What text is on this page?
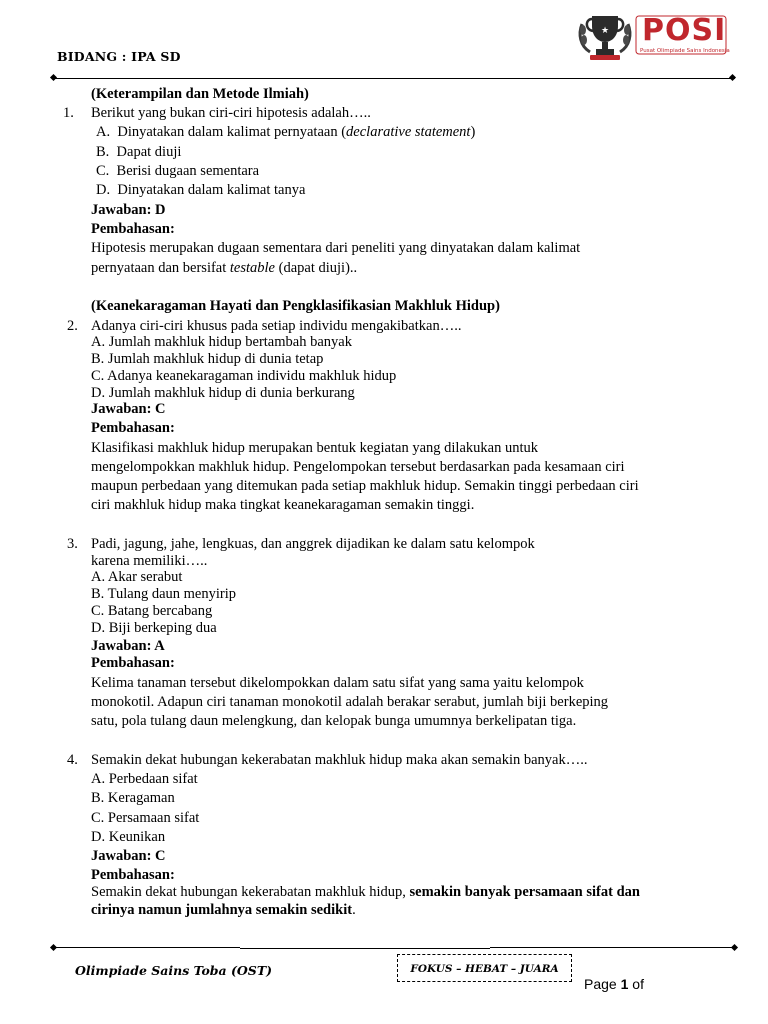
BIDANG : IPA SD
★ POSI
Pusat Olimpiade Sains Indonesia
(Keterampilan dan Metode Ilmiah)
1. Berikut yang bukan ciri-ciri hipotesis adalah…..
A. Dinyatakan dalam kalimat pernyataan (declarative statement)
B. Dapat diuji
C. Berisi dugaan sementara
D. Dinyatakan dalam kalimat tanya
Jawaban: D
Pembahasan:
Hipotesis merupakan dugaan sementara dari peneliti yang dinyatakan dalam kalimat
pernyataan dan bersifat testable (dapat diuji)..
(Keanekaragaman Hayati dan Pengklasifikasian Makhluk Hidup)
2. Adanya ciri-ciri khusus pada setiap individu mengakibatkan…..
A. Jumlah makhluk hidup bertambah banyak
B. Jumlah makhluk hidup di dunia tetap
C. Adanya keanekaragaman individu makhluk hidup
D. Jumlah makhluk hidup di dunia berkurang
Jawaban: C
Pembahasan:
Klasifikasi makhluk hidup merupakan bentuk kegiatan yang dilakukan untuk
mengelompokkan makhluk hidup. Pengelompokan tersebut berdasarkan pada kesamaan ciri
maupun perbedaan yang ditemukan pada setiap makhluk hidup. Semakin tinggi perbedaan ciri
ciri makhluk hidup maka tingkat keanekaragaman semakin tinggi.
3. Padi, jagung, jahe, lengkuas, dan anggrek dijadikan ke dalam satu kelompok
karena memiliki…..
A. Akar serabut
B. Tulang daun menyirip
C. Batang bercabang
D. Biji berkeping dua
Jawaban: A
Pembahasan:
Kelima tanaman tersebut dikelompokkan dalam satu sifat yang sama yaitu kelompok
monokotil. Adapun ciri tanaman monokotil adalah berakar serabut, jumlah biji berkeping
satu, pola tulang daun melengkung, dan kelopak bunga umumnya berkelipatan tiga.
4. Semakin dekat hubungan kekerabatan makhluk hidup maka akan semakin banyak…..
A. Perbedaan sifat
B. Keragaman
C. Persamaan sifat
D. Keunikan
Jawaban: C
Pembahasan:
Semakin dekat hubungan kekerabatan makhluk hidup, semakin banyak persamaan sifat dan
cirinya namun jumlahnya semakin sedikit.
Olimpiade Sains Toba (OST)	FOKUS – HEBAT – JUARA
Page 1 of
